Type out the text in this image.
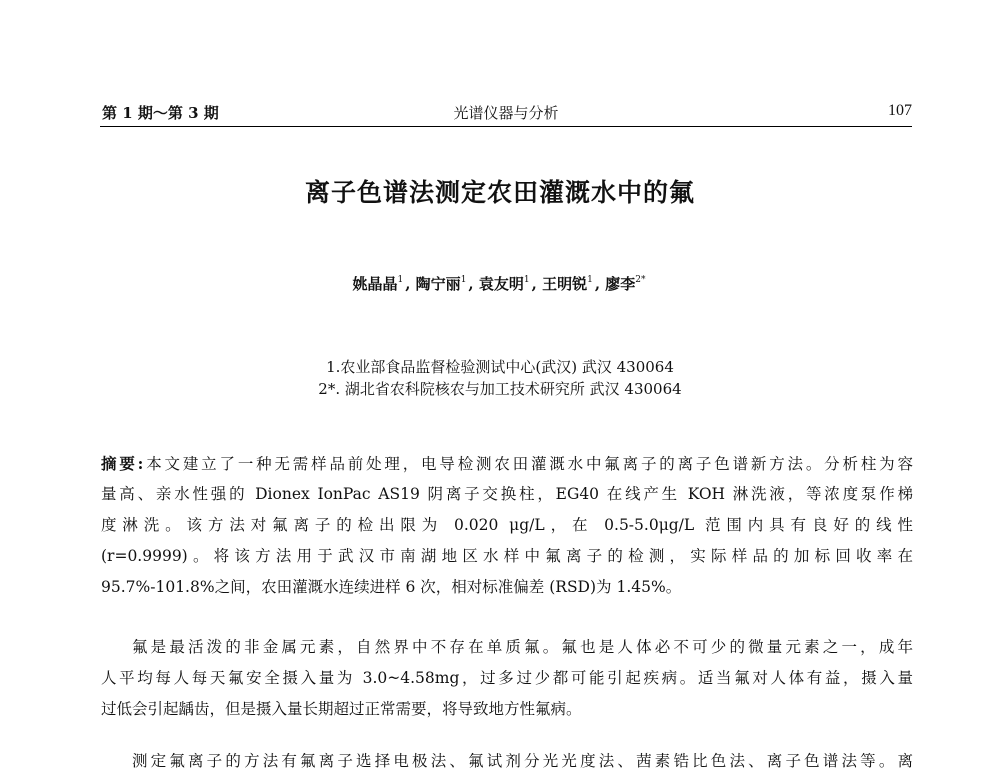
第 1 期～第 3 期	光谱仪器与分析	107
离子色谱法测定农田灌溉水中的氟
姚晶晶$^1$ , 陶宁丽$^1$ , 袁友明$^1$ , 王明锐$^1$ , 廖李$^{2*}$
1.农业部食品监督检验测试中心(武汉) 武汉 430064
2*. 湖北省农科院核农与加工技术研究所 武汉 430064
摘要:本文建立了一种无需样品前处理，电导检测农田灌溉水中氟离子的离子色谱新方法。分析柱为容
量高、亲水性强的 Dionex IonPac AS19 阴离子交换柱，EG40 在线产生 KOH 淋洗液，等浓度泵作梯
度淋洗。该方法对氟离子的检出限为 0.020 μg/L，在 0.5-5.0μg/L 范围内具有良好的线性
(r=0.9999)。将该方法用于武汉市南湖地区水样中氟离子的检测，实际样品的加标回收率在
95.7%-101.8%之间，农田灌溉水连续进样 6 次，相对标准偏差 (RSD)为 1.45%。
氟是最活泼的非金属元素，自然界中不存在单质氟。氟也是人体必不可少的微量元素之一，成年
人平均每人每天氟安全摄入量为 3.0~4.58mg，过多过少都可能引起疾病。适当氟对人体有益，摄入量
过低会引起龋齿，但是摄入量长期超过正常需要，将导致地方性氟病。
测定氟离子的方法有氟离子选择电极法、氟试剂分光光度法、茜素锆比色法、离子色谱法等。离
